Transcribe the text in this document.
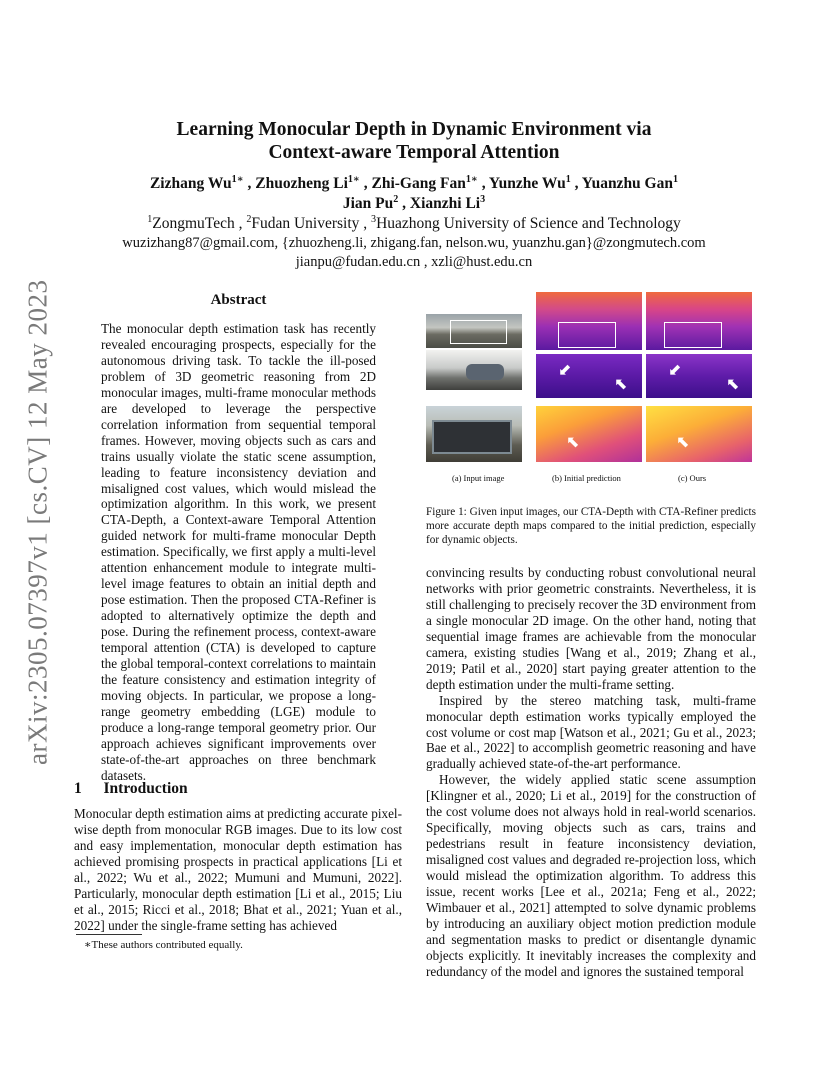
arXiv:2305.07397v1 [cs.CV] 12 May 2023
Learning Monocular Depth in Dynamic Environment via
Context-aware Temporal Attention
Zizhang $Wu^{1∗}$ , Zhuozheng $Li^{1∗}$ , Zhi-Gang Fan$^{1∗}$ , Yunzhe Wu$^1$ , Yuanzhu Gan$^1$
Jian Pu$^2$ , Xianzhi Li$^3$
$^1$ZongmuTech , $^2$Fudan University , $^3$Huazhong University of Science and Technology
wuzizhang87@gmail.com, {zhuozheng.li, zhigang.fan, nelson.wu, yuanzhu.gan}@zongmutech.com
jianpu@fudan.edu.cn , xzli@hust.edu.cn
Abstract

The monocular depth estimation task has recently revealed encouraging prospects, especially for the autonomous driving task. To tackle the ill-posed problem of 3D geometric reasoning from 2D monocular images, multi-frame monocular methods are developed to leverage the perspective correlation information from sequential temporal frames. However, moving objects such as cars and trains usually violate the static scene assumption, leading to feature inconsistency deviation and misaligned cost values, which would mislead the optimization algorithm. In this work, we present CTA-Depth, a Context-aware Temporal Attention guided network for multi-frame monocular Depth estimation. Specifically, we first apply a multi-level attention enhancement module to integrate multi-level image features to obtain an initial depth and pose estimation. Then the proposed CTA-Refiner is adopted to alternatively optimize the depth and pose. During the refinement process, context-aware temporal attention (CTA) is developed to capture the global temporal-context correlations to maintain the feature consistency and estimation integrity of moving objects. In particular, we propose a long-range geometry embedding (LGE) module to produce a long-range temporal geometry prior. Our approach achieves significant improvements over state-of-the-art approaches on three benchmark datasets.

1 Introduction

Monocular depth estimation aims at predicting accurate pixel-wise depth from monocular RGB images. Due to its low cost and easy implementation, monocular depth estimation has achieved promising prospects in practical applications [Li et al., 2022; Wu et al., 2022; Mumuni and Mumuni, 2022]. Particularly, monocular depth estimation [Li et al., 2015; Liu et al., 2015; Ricci et al., 2018; Bhat et al., 2021; Yuan et al., 2022] under the single-frame setting has achieved

∗These authors contributed equally.
⬋
⬉
⬉
⬋
⬉
⬉
(a) Input image	(b) Initial prediction	(c) Ours
Figure 1: Given input images, our CTA-Depth with CTA-Refiner predicts more accurate depth maps compared to the initial prediction, especially for dynamic objects.

convincing results by conducting robust convolutional neural networks with prior geometric constraints. Nevertheless, it is still challenging to precisely recover the 3D environment from a single monocular 2D image. On the other hand, noting that sequential image frames are achievable from the monocular camera, existing studies [Wang et al., 2019; Zhang et al., 2019; Patil et al., 2020] start paying greater attention to the depth estimation under the multi-frame setting.

Inspired by the stereo matching task, multi-frame monocular depth estimation works typically employed the cost volume or cost map [Watson et al., 2021; Gu et al., 2023; Bae et al., 2022] to accomplish geometric reasoning and have gradually achieved state-of-the-art performance.

However, the widely applied static scene assumption [Klingner et al., 2020; Li et al., 2019] for the construction of the cost volume does not always hold in real-world scenarios. Specifically, moving objects such as cars, trains and pedestrians result in feature inconsistency deviation, misaligned cost values and degraded re-projection loss, which would mislead the optimization algorithm. To address this issue, recent works [Lee et al., 2021a; Feng et al., 2022; Wimbauer et al., 2021] attempted to solve dynamic problems by introducing an auxiliary object motion prediction module and segmentation masks to predict or disentangle dynamic objects explicitly. It inevitably increases the complexity and redundancy of the model and ignores the sustained temporal
